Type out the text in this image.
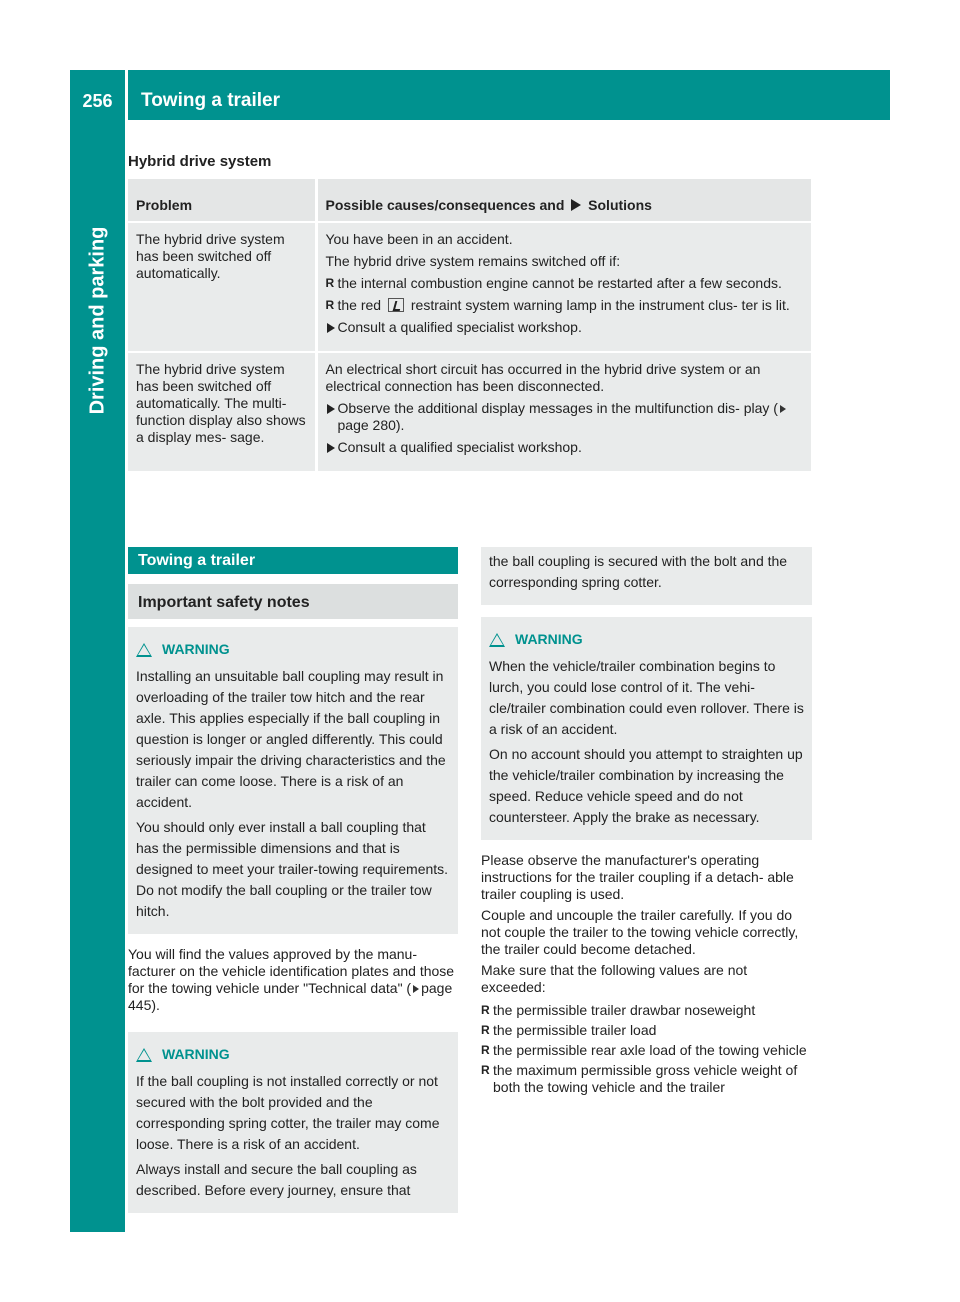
256	Towing a trailer
Driving and parking
Hybrid drive system
Problem	Possible causes/consequences and Solutions
The hybrid drive system has been switched off automatically.	You have been in an accident.
The hybrid drive system remains switched off if:
R the internal combustion engine cannot be restarted after a few seconds.
R the red restraint system warning lamp in the instrument clus- ter is lit.
Consult a qualified specialist workshop.

The hybrid drive system has been switched off automatically. The multi- function display also shows a display mes- sage.	An electrical short circuit has occurred in the hybrid drive system or an electrical connection has been disconnected.
Observe the additional display messages in the multifunction dis- play (page 280).
Consult a qualified specialist workshop.
Towing a trailer
Important safety notes
WARNING

Installing an unsuitable ball coupling may result in overloading of the trailer tow hitch and the rear axle. This applies especially if the ball coupling in question is longer or angled differently. This could seriously impair the driving characteristics and the trailer can come loose. There is a risk of an accident.

You should only ever install a ball coupling that has the permissible dimensions and that is designed to meet your trailer-towing requirements. Do not modify the ball coupling or the trailer tow hitch.

You will find the values approved by the manu- facturer on the vehicle identification plates and those for the towing vehicle under "Technical data" ( page 445).

WARNING

If the ball coupling is not installed correctly or not secured with the bolt provided and the corresponding spring cotter, the trailer may come loose. There is a risk of an accident.

Always install and secure the ball coupling as described. Before every journey, ensure that

the ball coupling is secured with the bolt and the corresponding spring cotter.

WARNING

When the vehicle/trailer combination begins to lurch, you could lose control of it. The vehi- cle/trailer combination could even rollover. There is a risk of an accident.

On no account should you attempt to straighten up the vehicle/trailer combination by increasing the speed. Reduce vehicle speed and do not countersteer. Apply the brake as necessary.

Please observe the manufacturer's operating instructions for the trailer coupling if a detach- able trailer coupling is used.

Couple and uncouple the trailer carefully. If you do not couple the trailer to the towing vehicle correctly, the trailer could become detached.

Make sure that the following values are not exceeded:

R the permissible trailer drawbar noseweight
R the permissible trailer load
R the permissible rear axle load of the towing vehicle
R the maximum permissible gross vehicle weight of both the towing vehicle and the trailer
